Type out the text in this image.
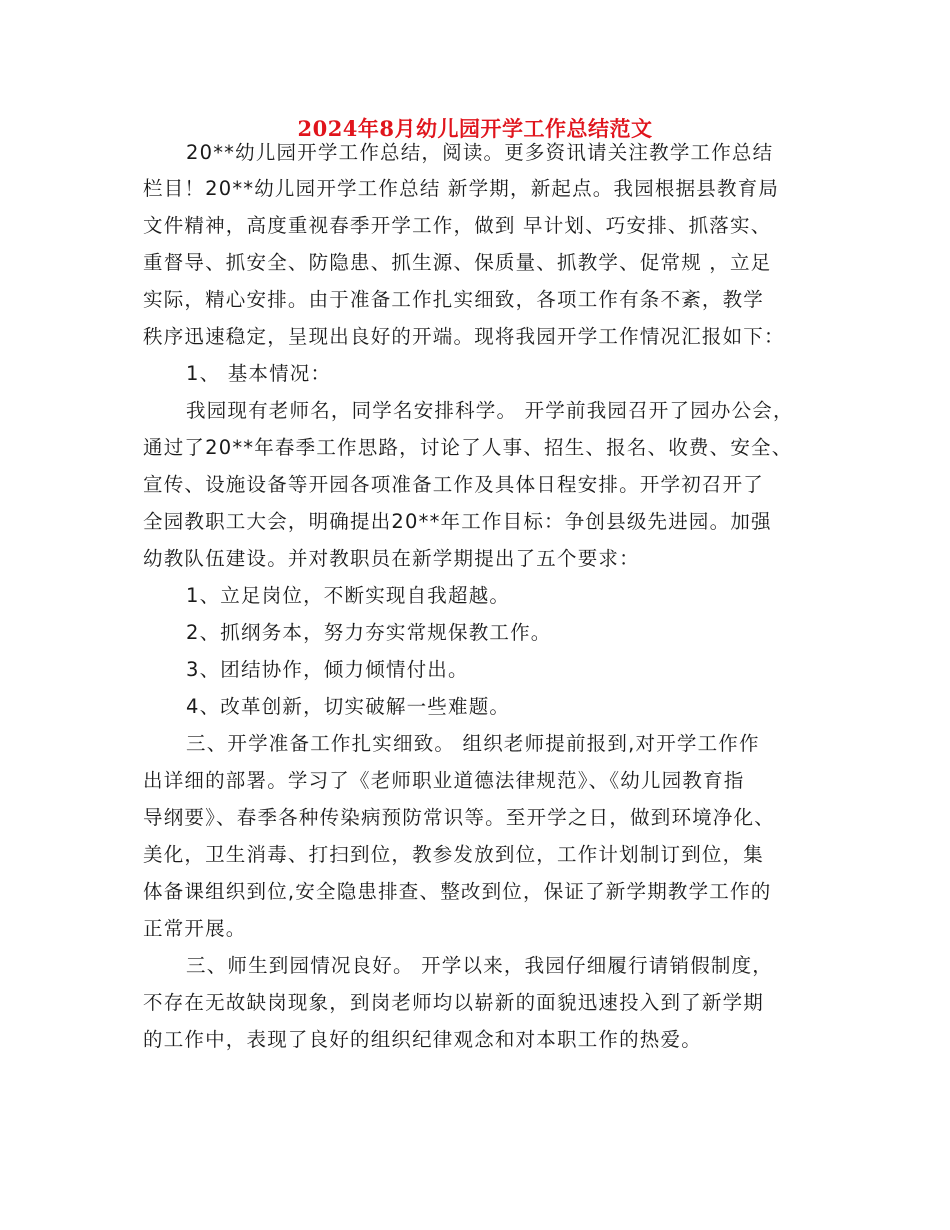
2024年8月幼儿园开学工作总结范文
20**幼儿园开学工作总结，阅读。更多资讯请关注教学工作总结
栏目！20**幼儿园开学工作总结 新学期，新起点。我园根据县教育局
文件精神，高度重视春季开学工作，做到 早计划、巧安排、抓落实、
重督导、抓安全、防隐患、抓生源、保质量、抓教学、促常规 ，立足
实际，精心安排。由于准备工作扎实细致，各项工作有条不紊，教学
秩序迅速稳定，呈现出良好的开端。现将我园开学工作情况汇报如下：
1、 基本情况：
我园现有老师名，同学名安排科学。 开学前我园召开了园办公会，
通过了20**年春季工作思路，讨论了人事、招生、报名、收费、安全、
宣传、设施设备等开园各项准备工作及具体日程安排。开学初召开了
全园教职工大会，明确提出20**年工作目标：争创县级先进园。加强
幼教队伍建设。并对教职员在新学期提出了五个要求：
1、立足岗位，不断实现自我超越。
2、抓纲务本，努力夯实常规保教工作。
3、团结协作，倾力倾情付出。
4、改革创新，切实破解一些难题。
三、开学准备工作扎实细致。 组织老师提前报到,对开学工作作
出详细的部署。学习了《老师职业道德法律规范》、《幼儿园教育指
导纲要》、春季各种传染病预防常识等。至开学之日，做到环境净化、
美化，卫生消毒、打扫到位，教参发放到位，工作计划制订到位，集
体备课组织到位,安全隐患排查、整改到位，保证了新学期教学工作的
正常开展。
三、师生到园情况良好。 开学以来，我园仔细履行请销假制度，
不存在无故缺岗现象，到岗老师均以崭新的面貌迅速投入到了新学期
的工作中，表现了良好的组织纪律观念和对本职工作的热爱。
